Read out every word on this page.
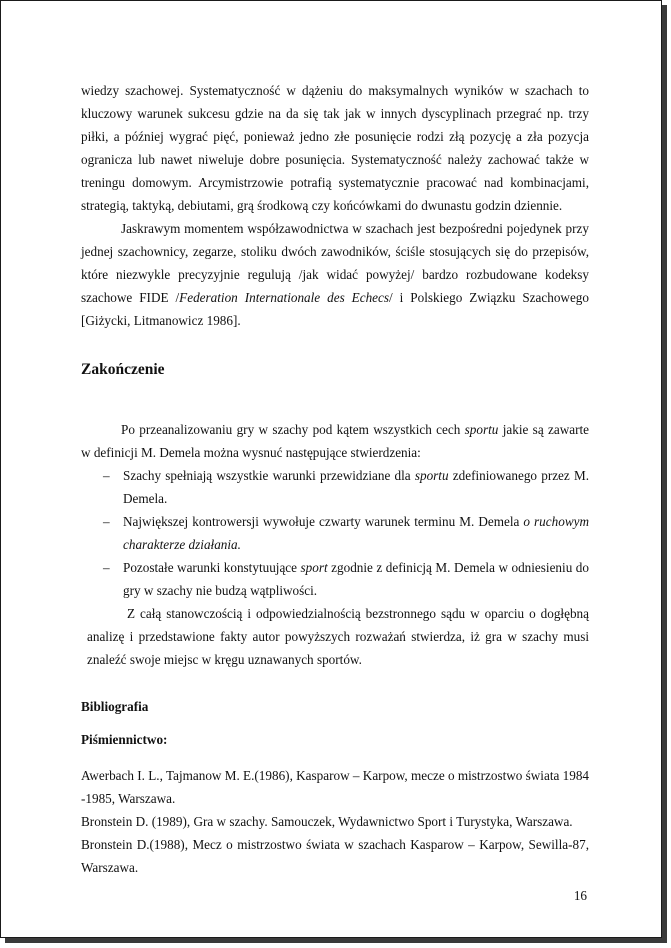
wiedzy szachowej. Systematyczność w dążeniu do maksymalnych wyników w szachach to kluczowy warunek sukcesu gdzie na da się tak jak w innych dyscyplinach przegrać np. trzy piłki, a później wygrać pięć, ponieważ jedno złe posunięcie rodzi złą pozycję a zła pozycja ogranicza lub nawet niweluje dobre posunięcia. Systematyczność należy zachować także w treningu domowym. Arcymistrzowie potrafią systematycznie pracować nad kombinacjami, strategią, taktyką, debiutami, grą środkową czy końcówkami do dwunastu godzin dziennie.

Jaskrawym momentem współzawodnictwa w szachach jest bezpośredni pojedynek przy jednej szachownicy, zegarze, stoliku dwóch zawodników, ściśle stosujących się do przepisów, które niezwykle precyzyjnie regulują /jak widać powyżej/ bardzo rozbudowane kodeksy szachowe FIDE /Federation Internationale des Echecs/ i Polskiego Związku Szachowego [Giżycki, Litmanowicz 1986].

Zakończenie

Po przeanalizowaniu gry w szachy pod kątem wszystkich cech sportu jakie są zawarte w definicji M. Demela można wysnuć następujące stwierdzenia:

– Szachy spełniają wszystkie warunki przewidziane dla sportu zdefiniowanego przez M. Demela.
– Największej kontrowersji wywołuje czwarty warunek terminu M. Demela o ruchowym charakterze działania.
– Pozostałe warunki konstytuujące sport zgodnie z definicją M. Demela w odniesieniu do gry w szachy nie budzą wątpliwości.

Z całą stanowczością i odpowiedzialnością bezstronnego sądu w oparciu o dogłębną analizę i przedstawione fakty autor powyższych rozważań stwierdza, iż gra w szachy musi znaleźć swoje miejsc w kręgu uznawanych sportów.

Bibliografia
Piśmiennictwo:

Awerbach I. L., Tajmanow M. E.(1986), Kasparow – Karpow, mecze o mistrzostwo świata 1984 -1985, Warszawa.

Bronstein D. (1989), Gra w szachy. Samouczek, Wydawnictwo Sport i Turystyka, Warszawa.

Bronstein D.(1988), Mecz o mistrzostwo świata w szachach Kasparow – Karpow, Sewilla-87, Warszawa.

16
